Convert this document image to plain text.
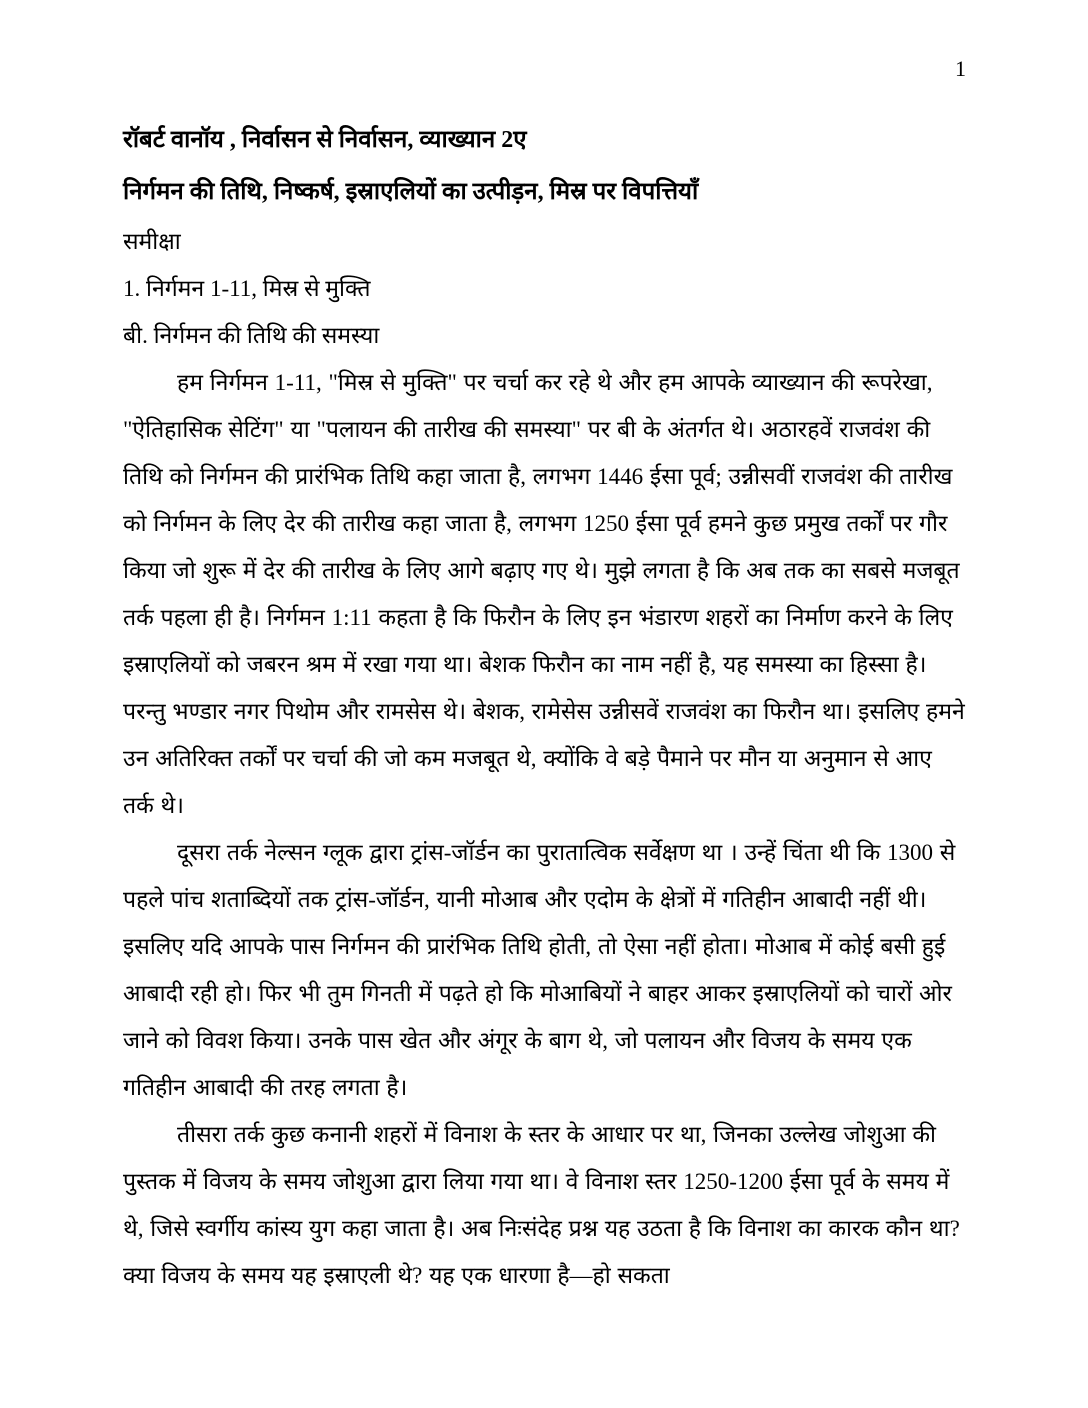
1

रॉबर्ट वानॉय , निर्वासन से निर्वासन, व्याख्यान 2ए

निर्गमन की तिथि, निष्कर्ष, इस्राएलियों का उत्पीड़न, मिस्र पर विपत्तियाँ

समीक्षा

1. निर्गमन 1-11, मिस्र से मुक्ति

बी. निर्गमन की तिथि की समस्या

हम निर्गमन 1-11, "मिस्र से मुक्ति" पर चर्चा कर रहे थे और हम आपके व्याख्यान की रूपरेखा, "ऐतिहासिक सेटिंग" या "पलायन की तारीख की समस्या" पर बी के अंतर्गत थे। अठारहवें राजवंश की तिथि को निर्गमन की प्रारंभिक तिथि कहा जाता है, लगभग 1446 ईसा पूर्व; उन्नीसवीं राजवंश की तारीख को निर्गमन के लिए देर की तारीख कहा जाता है, लगभग 1250 ईसा पूर्व हमने कुछ प्रमुख तर्कों पर गौर किया जो शुरू में देर की तारीख के लिए आगे बढ़ाए गए थे। मुझे लगता है कि अब तक का सबसे मजबूत तर्क पहला ही है। निर्गमन 1:11 कहता है कि फिरौन के लिए इन भंडारण शहरों का निर्माण करने के लिए इस्राएलियों को जबरन श्रम में रखा गया था। बेशक फिरौन का नाम नहीं है, यह समस्या का हिस्सा है। परन्तु भण्डार नगर पिथोम और रामसेस थे। बेशक, रामेसेस उन्नीसवें राजवंश का फिरौन था। इसलिए हमने उन अतिरिक्त तर्कों पर चर्चा की जो कम मजबूत थे, क्योंकि वे बड़े पैमाने पर मौन या अनुमान से आए तर्क थे।

दूसरा तर्क नेल्सन ग्लूक द्वारा ट्रांस-जॉर्डन का पुरातात्विक सर्वेक्षण था । उन्हें चिंता थी कि 1300 से पहले पांच शताब्दियों तक ट्रांस-जॉर्डन, यानी मोआब और एदोम के क्षेत्रों में गतिहीन आबादी नहीं थी। इसलिए यदि आपके पास निर्गमन की प्रारंभिक तिथि होती, तो ऐसा नहीं होता। मोआब में कोई बसी हुई आबादी रही हो। फिर भी तुम गिनती में पढ़ते हो कि मोआबियों ने बाहर आकर इस्राएलियों को चारों ओर जाने को विवश किया। उनके पास खेत और अंगूर के बाग थे, जो पलायन और विजय के समय एक गतिहीन आबादी की तरह लगता है।

तीसरा तर्क कुछ कनानी शहरों में विनाश के स्तर के आधार पर था, जिनका उल्लेख जोशुआ की पुस्तक में विजय के समय जोशुआ द्वारा लिया गया था। वे विनाश स्तर 1250-1200 ईसा पूर्व के समय में थे, जिसे स्वर्गीय कांस्य युग कहा जाता है। अब निःसंदेह प्रश्न यह उठता है कि विनाश का कारक कौन था? क्या विजय के समय यह इस्राएली थे? यह एक धारणा है—हो सकता
